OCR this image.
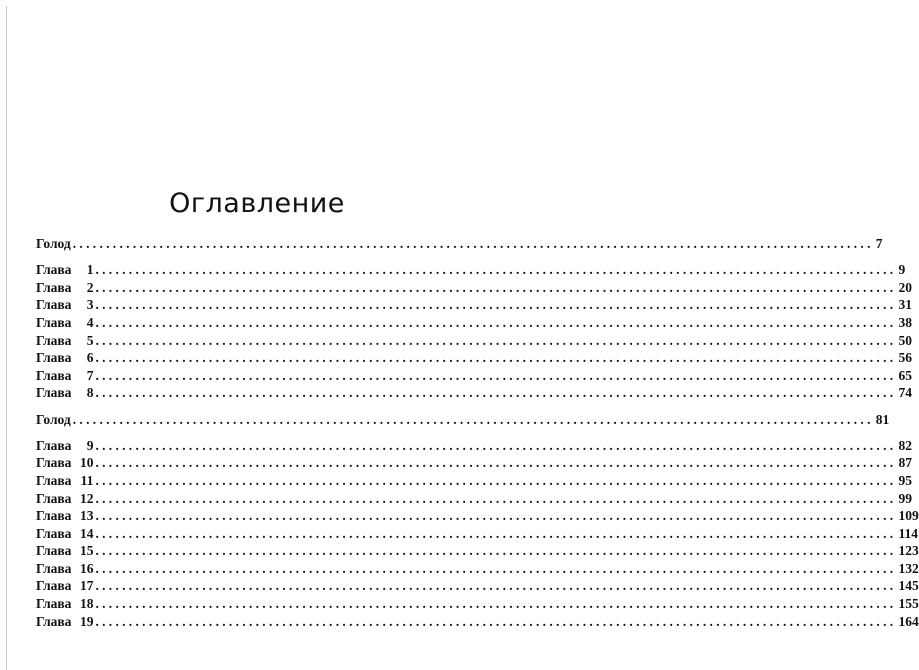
Оглавление
Голод ........................................................................................................................ 7
Глава 1 ........................................................................................................................ 9
Глава 2 ........................................................................................................................ 20
Глава 3 ........................................................................................................................ 31
Глава 4 ........................................................................................................................ 38
Глава 5 ........................................................................................................................ 50
Глава 6 ........................................................................................................................ 56
Глава 7 ........................................................................................................................ 65
Глава 8 ........................................................................................................................ 74
Голод ........................................................................................................................ 81
Глава 9 ........................................................................................................................ 82
Глава 10 ........................................................................................................................ 87
Глава 11 ........................................................................................................................ 95
Глава 12 ........................................................................................................................ 99
Глава 13 ........................................................................................................................ 109
Глава 14 ........................................................................................................................ 114
Глава 15 ........................................................................................................................ 123
Глава 16 ........................................................................................................................ 132
Глава 17 ........................................................................................................................ 145
Глава 18 ........................................................................................................................ 155
Глава 19 ........................................................................................................................ 164
